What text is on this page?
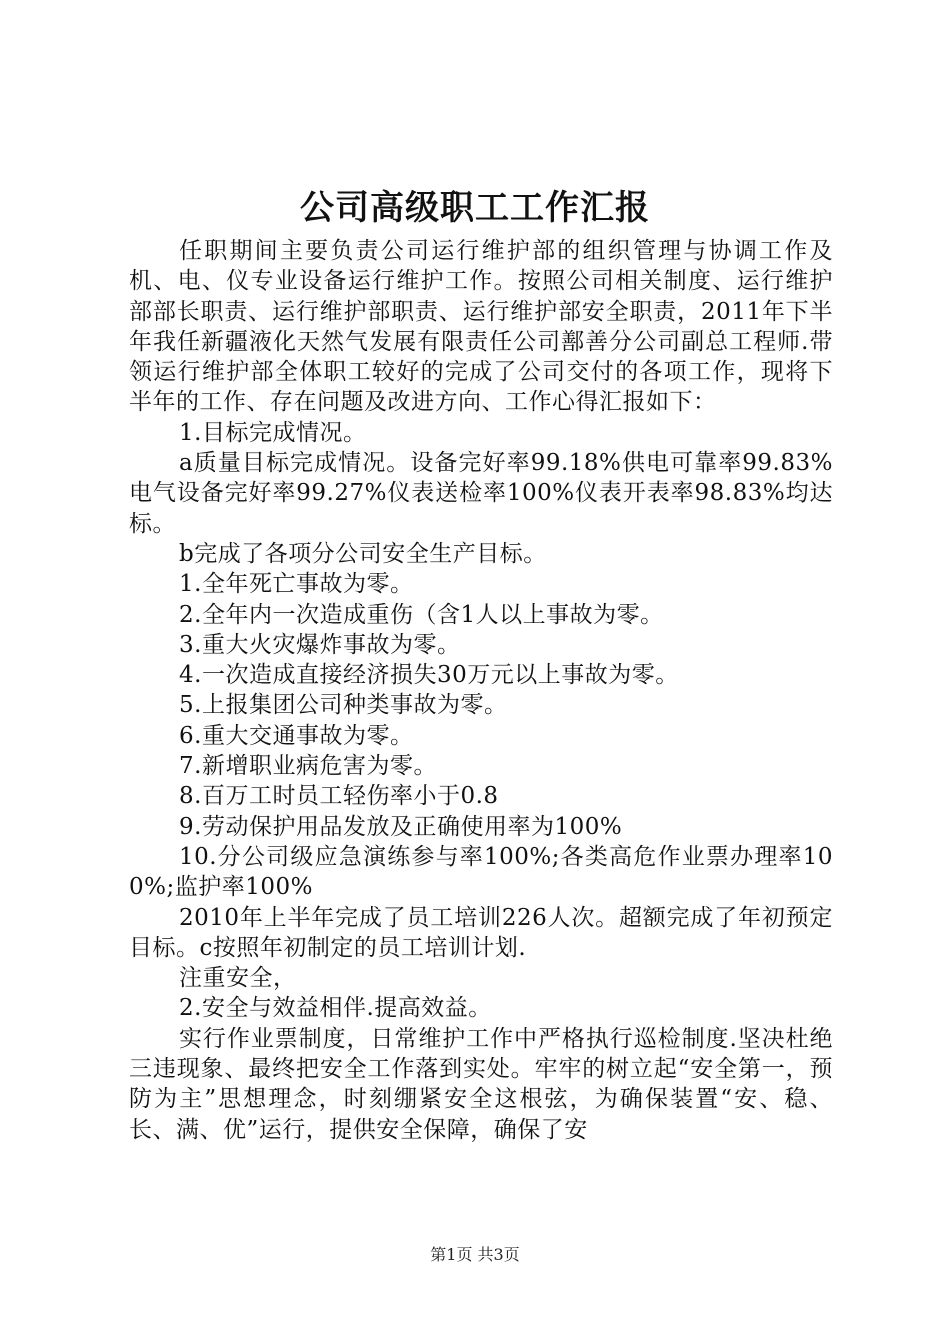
公司高级职工工作汇报

任职期间主要负责公司运行维护部的组织管理与协调工作及机、电、仪专业设备运行维护工作。按照公司相关制度、运行维护部部长职责、运行维护部职责、运行维护部安全职责，2011年下半年我任新疆液化天然气发展有限责任公司鄯善分公司副总工程师.带领运行维护部全体职工较好的完成了公司交付的各项工作，现将下半年的工作、存在问题及改进方向、工作心得汇报如下：

1.目标完成情况。

a质量目标完成情况。设备完好率99.18%供电可靠率99.83%电气设备完好率99.27%仪表送检率100%仪表开表率98.83%均达标。

b完成了各项分公司安全生产目标。

1.全年死亡事故为零。

2.全年内一次造成重伤（含1人以上事故为零。

3.重大火灾爆炸事故为零。

4.一次造成直接经济损失30万元以上事故为零。

5.上报集团公司种类事故为零。

6.重大交通事故为零。

7.新增职业病危害为零。

8.百万工时员工轻伤率小于0.8

9.劳动保护用品发放及正确使用率为100%

10.分公司级应急演练参与率100%;各类高危作业票办理率100%;监护率100%

2010年上半年完成了员工培训226人次。超额完成了年初预定目标。c按照年初制定的员工培训计划.

注重安全，

2.安全与效益相伴.提高效益。

实行作业票制度，日常维护工作中严格执行巡检制度.坚决杜绝三违现象、最终把安全工作落到实处。牢牢的树立起“安全第一，预防为主”思想理念，时刻绷紧安全这根弦，为确保装置“安、稳、长、满、优”运行，提供安全保障，确保了安

第1页 共3页
